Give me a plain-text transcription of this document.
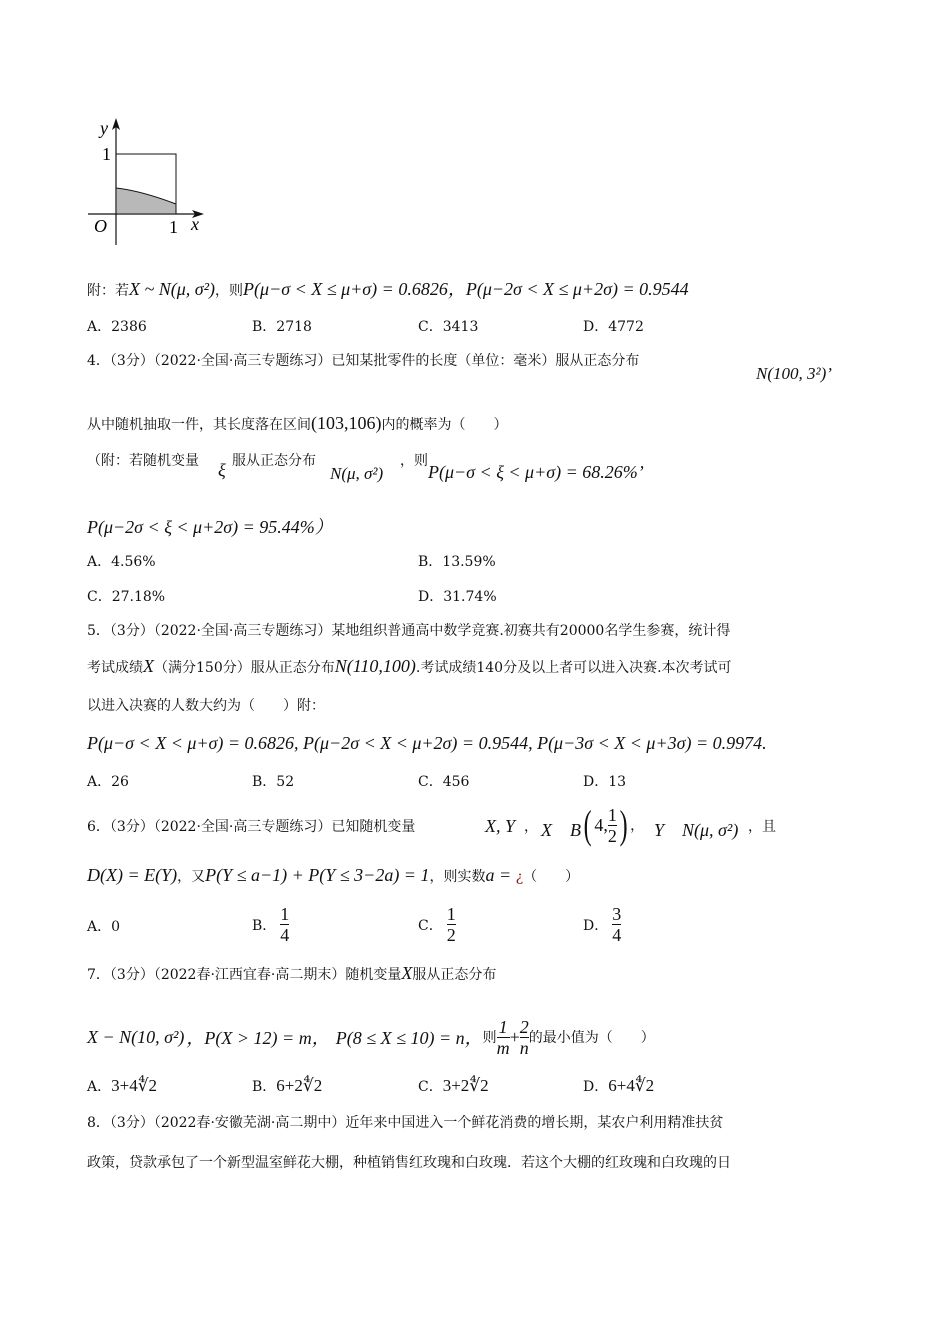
y
1
O	1 x
附：若X ~ N(μ, σ²)，则P(μ−σ < X ≤ μ+σ) = 0.6826，P(μ−2σ < X ≤ μ+2σ) = 0.9544
A．2386	B．2718	C．3413	D．4772
4．（3分）（2022·全国·高三专题练习）已知某批零件的长度（单位：毫米）服从正态分布
N(100, 3²)’
从中随机抽取一件，其长度落在区间(103,106)内的概率为（　　）
（附：若随机变量 ξ 服从正态分布
N(μ, σ²)
，则
P(μ−σ < ξ < μ+σ) = 68.26%’
P(μ−2σ < ξ < μ+2σ) = 95.44%）
A．4.56%	B．13.59%
C．27.18%	D．31.74%
5．（3分）（2022·全国·高三专题练习）某地组织普通高中数学竞赛.初赛共有20000名学生参赛，统计得
考试成绩X（满分150分）服从正态分布N(110,100).考试成绩140分及以上者可以进入决赛.本次考试可
以进入决赛的人数大约为（　　）附：
P(μ−σ < X < μ+σ) = 0.6826, P(μ−2σ < X < μ+2σ) = 0.9544, P(μ−3σ < X < μ+3σ) = 0.9974.
A．26	B．52	C．456	D．13
6．（3分）（2022·全国·高三专题练习）已知随机变量	X, Y ， X　B ( 4, $\frac{1}{2}$ ) ， Y　N(μ, σ²) ，且
D(X) = E(Y)，又P(Y ≤ a−1) + P(Y ≤ 3−2a) = 1，则实数a = ¿（　　）
A．0	B． $\frac{1}{4}$	C． $\frac{1}{2}$	D． $\frac{3}{4}$
7．（3分）（2022春·江西宜春·高二期末）随机变量X服从正态分布
X − N(10, σ²) ，P(X > 12) = m， P(8 ≤ X ≤ 10) = n， 则 $\frac{1}{m} + \frac{2}{n}$ 的最小值为（　　）
A．3+4∜2	B．6+2∜2	C．3+2∜2	D．6+4∜2
8．（3分）（2022春·安徽芜湖·高二期中）近年来中国进入一个鲜花消费的增长期，某农户利用精准扶贫
政策，贷款承包了一个新型温室鲜花大棚，种植销售红玫瑰和白玫瑰．若这个大棚的红玫瑰和白玫瑰的日
